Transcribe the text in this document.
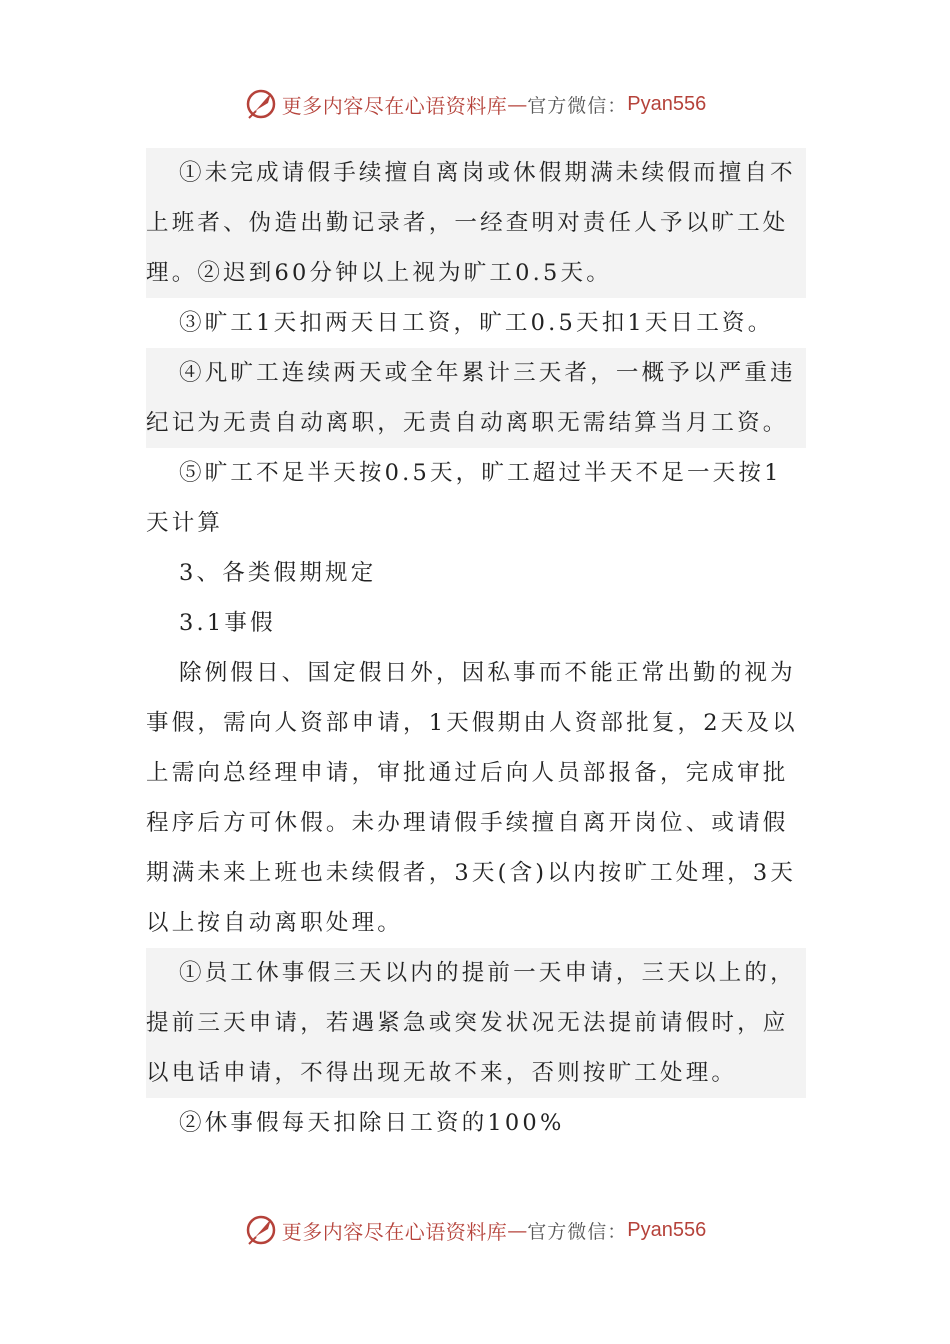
更多内容尽在心语资料库 — 官方微信： Pyan556

①未完成请假手续擅自离岗或休假期满未续假而擅自不上班者、伪造出勤记录者，一经查明对责任人予以旷工处理。②迟到60分钟以上视为旷工0.5天。

③旷工1天扣两天日工资，旷工0.5天扣1天日工资。

④凡旷工连续两天或全年累计三天者，一概予以严重违纪记为无责自动离职，无责自动离职无需结算当月工资。

⑤旷工不足半天按0.5天，旷工超过半天不足一天按1天计算

3、各类假期规定

3.1事假

除例假日、国定假日外，因私事而不能正常出勤的视为事假，需向人资部申请，1天假期由人资部批复，2天及以上需向总经理申请，审批通过后向人员部报备，完成审批程序后方可休假。未办理请假手续擅自离开岗位、或请假期满未来上班也未续假者，3天(含)以内按旷工处理，3天以上按自动离职处理。

①员工休事假三天以内的提前一天申请，三天以上的，提前三天申请，若遇紧急或突发状况无法提前请假时，应以电话申请，不得出现无故不来，否则按旷工处理。

②休事假每天扣除日工资的100%

更多内容尽在心语资料库 — 官方微信： Pyan556
